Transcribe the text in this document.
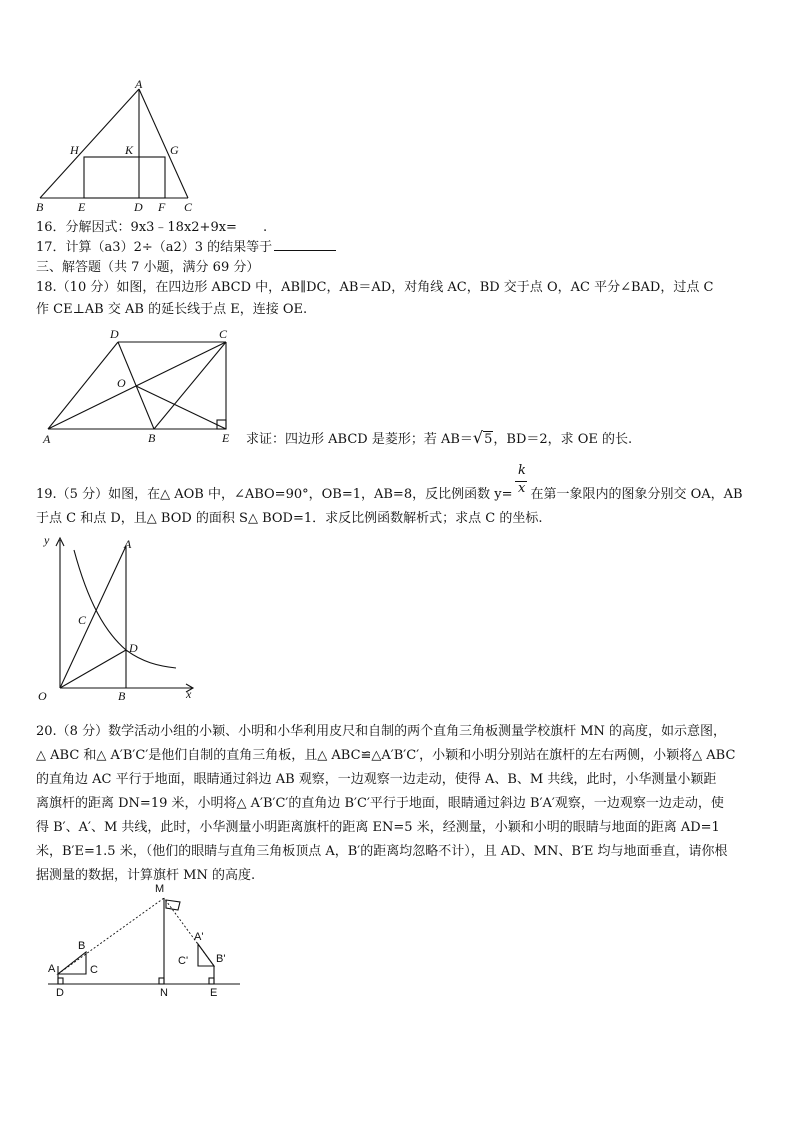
A
H	K	G
B	E	D F C
16．分解因式：9x3﹣18x2+9x=　　.
17．计算（a3）2÷（a2）3 的结果等于
三、解答题（共 7 小题，满分 69 分）
18.（10 分）如图，在四边形 ABCD 中，AB∥DC，AB＝AD，对角线 AC，BD 交于点 O，AC 平分∠BAD，过点 C
作 CE⊥AB 交 AB 的延长线于点 E，连接 OE.
D	C
O
A	B	E 求证：四边形 ABCD 是菱形；若 AB＝√5，BD＝2，求 OE 的长.
k
x
19.（5 分）如图，在△ AOB 中，∠ABO=90°，OB=1，AB=8，反比例函数 y= 在第一象限内的图象分别交 OA，AB
于点 C 和点 D，且△ BOD 的面积 S△ BOD=1．求反比例函数解析式；求点 C 的坐标.
y	A
C
D
O	B	x
20.（8 分）数学活动小组的小颖、小明和小华利用皮尺和自制的两个直角三角板测量学校旗杆 MN 的高度，如示意图，
△ ABC 和△ A′B′C′是他们自制的直角三角板，且△ ABC≌△A′B′C′，小颖和小明分别站在旗杆的左右两侧，小颖将△ ABC
的直角边 AC 平行于地面，眼睛通过斜边 AB 观察，一边观察一边走动，使得 A、B、M 共线，此时，小华测量小颖距
离旗杆的距离 DN=19 米，小明将△ A′B′C′的直角边 B′C′平行于地面，眼睛通过斜边 B′A′观察，一边观察一边走动，使
得 B′、A′、M 共线，此时，小华测量小明距离旗杆的距离 EN=5 米，经测量，小颖和小明的眼睛与地面的距离 AD=1
米，B′E=1.5 米，（他们的眼睛与直角三角板顶点 A，B′的距离均忽略不计），且 AD、MN、B′E 均与地面垂直，请你根
据测量的数据，计算旗杆 MN 的高度.
M
B
A'
A	C
C'	B'
D	N	E
